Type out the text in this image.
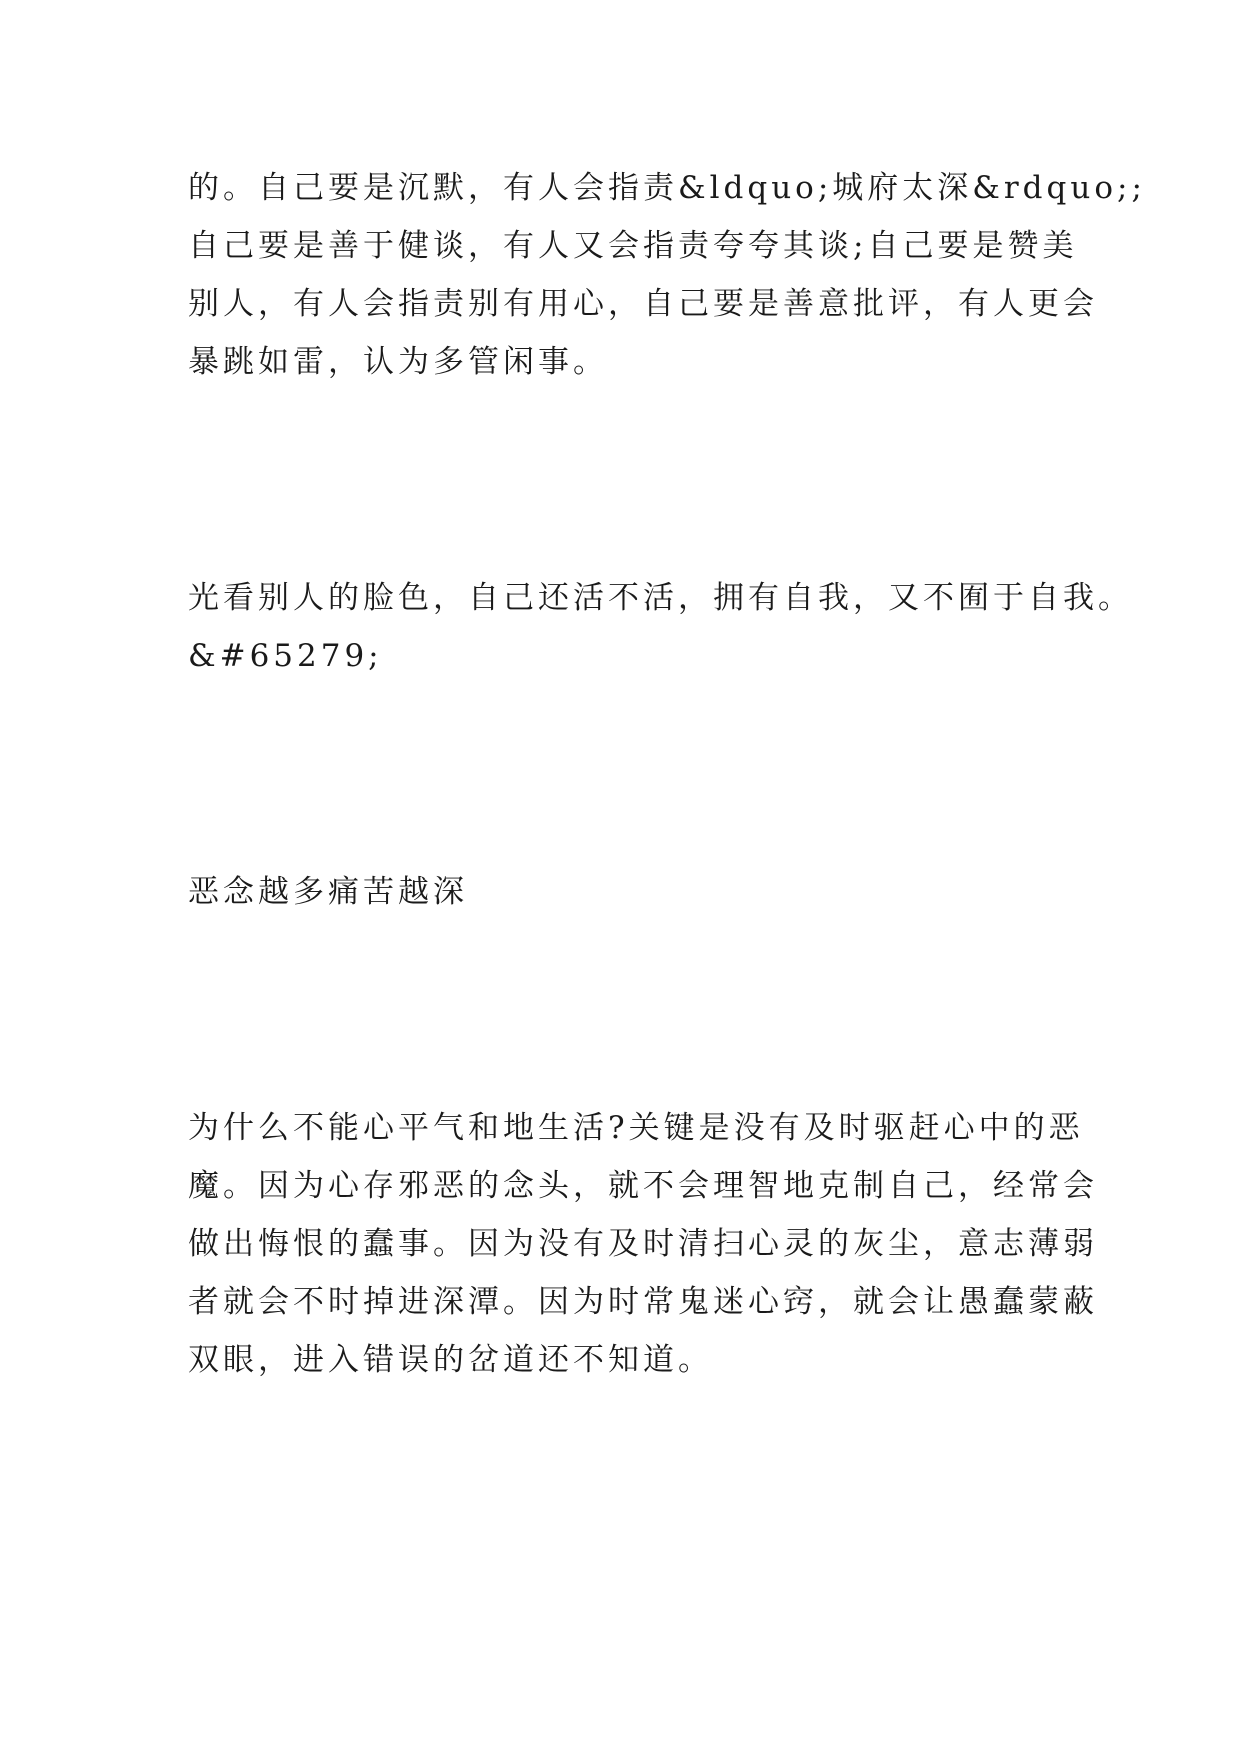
的。自己要是沉默，有人会指责&ldquo;城府太深&rdquo;;
自己要是善于健谈，有人又会指责夸夸其谈;自己要是赞美
别人，有人会指责别有用心，自己要是善意批评，有人更会
暴跳如雷，认为多管闲事。
光看别人的脸色，自己还活不活，拥有自我，又不囿于自我。
&#65279;
恶念越多痛苦越深
为什么不能心平气和地生活?关键是没有及时驱赶心中的恶
魔。因为心存邪恶的念头，就不会理智地克制自己，经常会
做出悔恨的蠢事。因为没有及时清扫心灵的灰尘，意志薄弱
者就会不时掉进深潭。因为时常鬼迷心窍，就会让愚蠢蒙蔽
双眼，进入错误的岔道还不知道。
